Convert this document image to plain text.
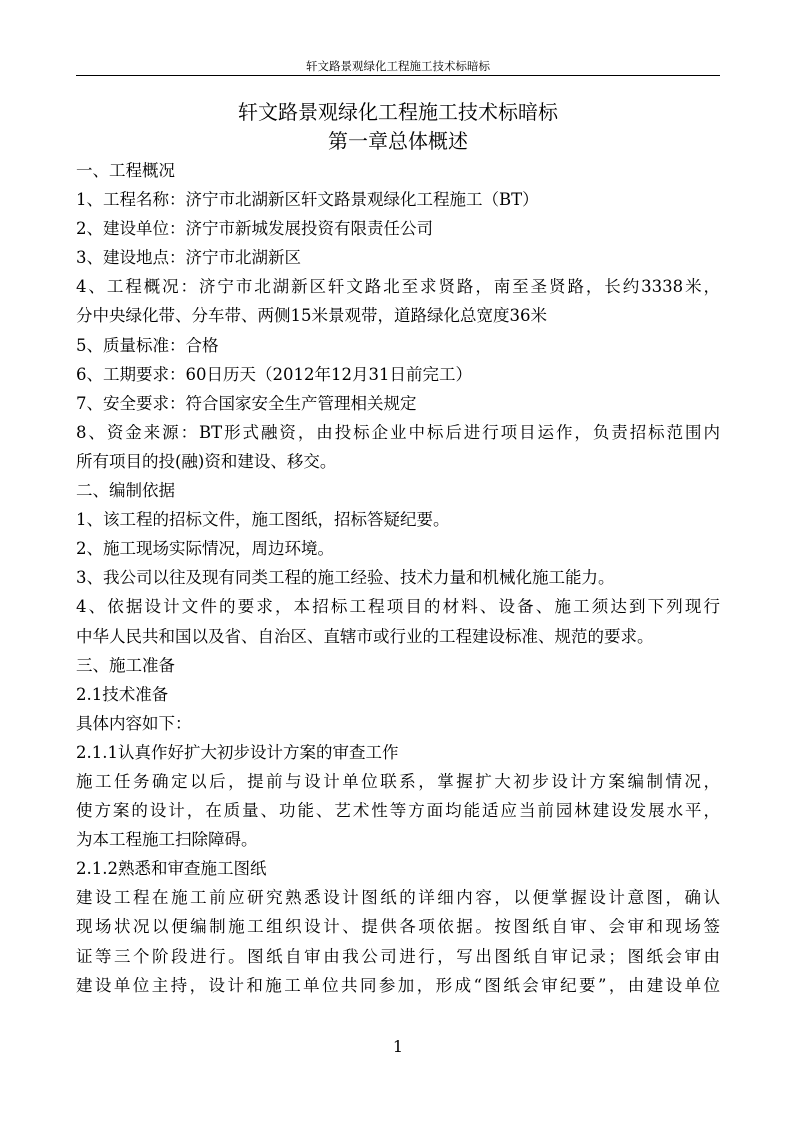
轩文路景观绿化工程施工技术标暗标
轩文路景观绿化工程施工技术标暗标
第一章总体概述
一、工程概况
1、工程名称：济宁市北湖新区轩文路景观绿化工程施工（BT）
2、建设单位：济宁市新城发展投资有限责任公司
3、建设地点：济宁市北湖新区
4、工程概况：济宁市北湖新区轩文路北至求贤路，南至圣贤路，长约3338米，
分中央绿化带、分车带、两侧15米景观带，道路绿化总宽度36米
5、质量标准：合格
6、工期要求：60日历天（2012年12月31日前完工）
7、安全要求：符合国家安全生产管理相关规定
8、资金来源：BT形式融资，由投标企业中标后进行项目运作，负责招标范围内
所有项目的投(融)资和建设、移交。
二、编制依据
1、该工程的招标文件，施工图纸，招标答疑纪要。
2、施工现场实际情况，周边环境。
3、我公司以往及现有同类工程的施工经验、技术力量和机械化施工能力。
4、依据设计文件的要求，本招标工程项目的材料、设备、施工须达到下列现行
中华人民共和国以及省、自治区、直辖市或行业的工程建设标准、规范的要求。
三、施工准备
2.1技术准备
具体内容如下：
2.1.1认真作好扩大初步设计方案的审查工作
施工任务确定以后，提前与设计单位联系，掌握扩大初步设计方案编制情况，
使方案的设计，在质量、功能、艺术性等方面均能适应当前园林建设发展水平，
为本工程施工扫除障碍。
2.1.2熟悉和审查施工图纸
建设工程在施工前应研究熟悉设计图纸的详细内容，以便掌握设计意图，确认
现场状况以便编制施工组织设计、提供各项依据。按图纸自审、会审和现场签
证等三个阶段进行。图纸自审由我公司进行，写出图纸自审记录；图纸会审由
建设单位主持，设计和施工单位共同参加，形成“图纸会审纪要”，由建设单位
1
